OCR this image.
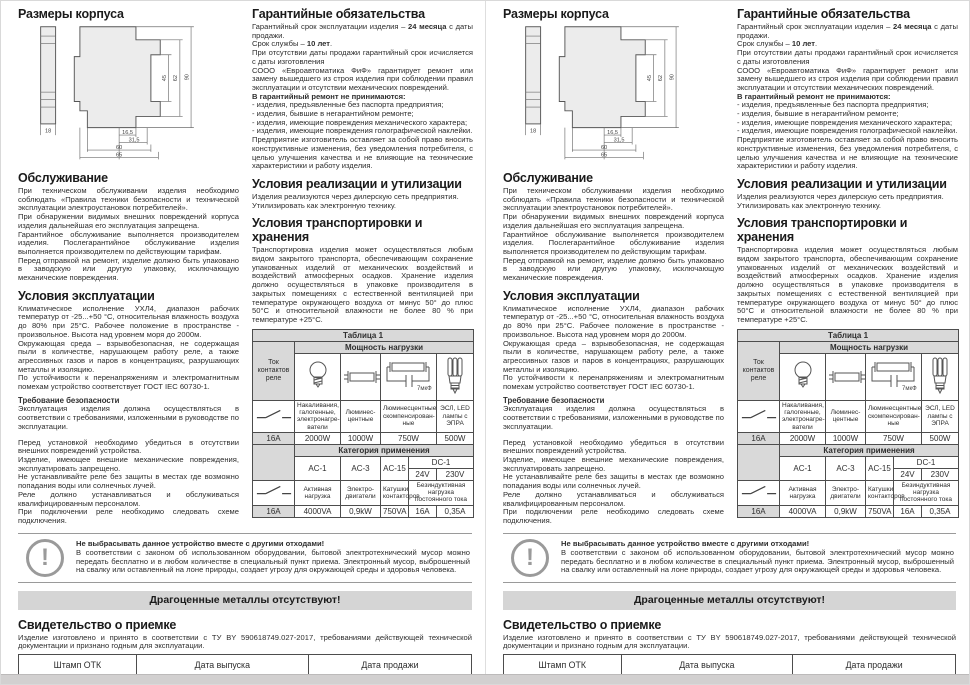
Размеры корпуса
18
45 62 90
16,5
31,5
60
65
Обслуживание

При техническом обслуживании изделия необходимо соблюдать «Правила техники безопасности и технической эксплуатации электроустановок потребителей».

При обнаружении видимых внешних повреждений корпуса изделия дальнейшая его эксплуатация запрещена.

Гарантийное обслуживание выполняется производителем изделия. Послегарантийное обслуживание изделия выполняется производителем по действующим тарифам.

Перед отправкой на ремонт, изделие должно быть упаковано в заводскую или другую упаковку, исключающую механические повреждения.

Условия эксплуатации

Климатическое исполнение УХЛ4, диапазон рабочих температур от -25...+50 °С, относительная влажность воздуха до 80% при 25°С. Рабочее положение в пространстве - произвольное. Высота над уровнем моря до 2000м.

Окружающая среда – взрывобезопасная, не содержащая пыли в количестве, нарушающем работу реле, а также агрессивных газов и паров в концентрациях, разрушающих металлы и изоляцию.

По устойчивости к перенапряжениям и электромагнитным помехам устройство соответствует ГОСТ IEC 60730-1.

Требование безопасности

Эксплуатация изделия должна осуществляться в соответствии с требованиями, изложенными в руководстве по эксплуатации.

Перед установкой необходимо убедиться в отсутствии внешних повреждений устройства.

Изделие, имеющее внешние механические повреждения, эксплуатировать запрещено.

Не устанавливайте реле без защиты в местах где возможно попадания воды или солнечных лучей.

Реле должно устанавливаться и обслуживаться квалифицированным персоналом.

При подключении реле необходимо следовать схеме подключения.

Гарантийные обязательства

Гарантийный срок эксплуатации изделия – 24 месяца с даты продажи.

Срок службы – 10 лет.

При отсутствии даты продажи гарантийный срок исчисляется с даты изготовления

СООО «Евроавтоматика ФиФ» гарантирует ремонт или замену вышедшего из строя изделия при соблюдении правил эксплуатации и отсутствии механических повреждений.

В гарантийный ремонт не принимаются:

- изделия, предъявленные без паспорта предприятия;

- изделия, бывшие в негарантийном ремонте;

- изделия, имеющие повреждения механического характера;

- изделия, имеющие повреждения голографической наклейки.

Предприятие изготовитель оставляет за собой право вносить конструктивные изменения, без уведомления потребителя, с целью улучшения качества и не влияющие на технические характеристики и работу изделия.

Условия реализации и утилизации

Изделия реализуются через дилерскую сеть предприятия.

Утилизировать как электронную технику.

Условия транспортировки и хранения

Транспортировка изделия может осуществляться любым видом закрытого транспорта, обеспечивающим сохранение упакованных изделий от механических воздействий и воздействий атмосферных осадков. Хранение изделия должно осуществляться в упаковке производителя в закрытых помещениях с естественной вентиляцией при температуре окружающего воздуха от минус 50° до плюс 50°С и относительной влажности не более 80 % при температуре +25°С.

Таблица 1					
Ток контактов реле	Мощность нагрузки				

7мкФ

	Накаливания, галогенные, электронагреватели	Люминесцентные	Люминесцентные скомпенсированные		ЭСЛ, LED лампы с ЭПРА
16A	2000W	1000W	750W		500W
	Категория применения				
	AC-1	AC-3	AC-15	DC-1	
				24V	230V
	Активная нагрузка	Электродвигатели	Катушки контакторов	Безиндуктивная нагрузка постоянного тока	
16A	4000VA	0,9kW	750VA	16A	0,35A
!	Не выбрасывать данное устройство вместе с другими отходами!

В соответствии с законом об использованном оборудовании, бытовой электротехнический мусор можно передать бесплатно и в любом количестве в специальный пункт приема. Электронный мусор, выброшенный на свалку или оставленный на лоне природы, создает угрозу для окружающей среды и здоровья человека.

Драгоценные металлы отсутствуют!
Свидетельство о приемке

Изделие изготовлено и принято в соответствии с ТУ BY 590618749.027-2017, требованиями действующей технической документации и признано годным для эксплуатации.

Штамп ОТК	Дата выпуска	Дата продажи

Размеры корпуса
18
45 62 90
16,5
31,5
60
65
Обслуживание

При техническом обслуживании изделия необходимо соблюдать «Правила техники безопасности и технической эксплуатации электроустановок потребителей».

При обнаружении видимых внешних повреждений корпуса изделия дальнейшая его эксплуатация запрещена.

Гарантийное обслуживание выполняется производителем изделия. Послегарантийное обслуживание изделия выполняется производителем по действующим тарифам.

Перед отправкой на ремонт, изделие должно быть упаковано в заводскую или другую упаковку, исключающую механические повреждения.

Условия эксплуатации

Климатическое исполнение УХЛ4, диапазон рабочих температур от -25...+50 °С, относительная влажность воздуха до 80% при 25°С. Рабочее положение в пространстве - произвольное. Высота над уровнем моря до 2000м.

Окружающая среда – взрывобезопасная, не содержащая пыли в количестве, нарушающем работу реле, а также агрессивных газов и паров в концентрациях, разрушающих металлы и изоляцию.

По устойчивости к перенапряжениям и электромагнитным помехам устройство соответствует ГОСТ IEC 60730-1.

Требование безопасности

Эксплуатация изделия должна осуществляться в соответствии с требованиями, изложенными в руководстве по эксплуатации.

Перед установкой необходимо убедиться в отсутствии внешних повреждений устройства.

Изделие, имеющее внешние механические повреждения, эксплуатировать запрещено.

Не устанавливайте реле без защиты в местах где возможно попадания воды или солнечных лучей.

Реле должно устанавливаться и обслуживаться квалифицированным персоналом.

При подключении реле необходимо следовать схеме подключения.

Гарантийные обязательства

Гарантийный срок эксплуатации изделия – 24 месяца с даты продажи.

Срок службы – 10 лет.

При отсутствии даты продажи гарантийный срок исчисляется с даты изготовления

СООО «Евроавтоматика ФиФ» гарантирует ремонт или замену вышедшего из строя изделия при соблюдении правил эксплуатации и отсутствии механических повреждений.

В гарантийный ремонт не принимаются:

- изделия, предъявленные без паспорта предприятия;

- изделия, бывшие в негарантийном ремонте;

- изделия, имеющие повреждения механического характера;

- изделия, имеющие повреждения голографической наклейки.

Предприятие изготовитель оставляет за собой право вносить конструктивные изменения, без уведомления потребителя, с целью улучшения качества и не влияющие на технические характеристики и работу изделия.

Условия реализации и утилизации

Изделия реализуются через дилерскую сеть предприятия.

Утилизировать как электронную технику.

Условия транспортировки и хранения

Транспортировка изделия может осуществляться любым видом закрытого транспорта, обеспечивающим сохранение упакованных изделий от механических воздействий и воздействий атмосферных осадков. Хранение изделия должно осуществляться в упаковке производителя в закрытых помещениях с естественной вентиляцией при температуре окружающего воздуха от минус 50° до плюс 50°С и относительной влажности не более 80 % при температуре +25°С.

Таблица 1					
Ток контактов реле	Мощность нагрузки				

7мкФ

	Накаливания, галогенные, электронагреватели	Люминесцентные	Люминесцентные скомпенсированные		ЭСЛ, LED лампы с ЭПРА
16A	2000W	1000W	750W		500W
	Категория применения				
	AC-1	AC-3	AC-15	DC-1	
				24V	230V
	Активная нагрузка	Электродвигатели	Катушки контакторов	Безиндуктивная нагрузка постоянного тока	
16A	4000VA	0,9kW	750VA	16A	0,35A
!	Не выбрасывать данное устройство вместе с другими отходами!

В соответствии с законом об использованном оборудовании, бытовой электротехнический мусор можно передать бесплатно и в любом количестве в специальный пункт приема. Электронный мусор, выброшенный на свалку или оставленный на лоне природы, создает угрозу для окружающей среды и здоровья человека.

Драгоценные металлы отсутствуют!
Свидетельство о приемке

Изделие изготовлено и принято в соответствии с ТУ BY 590618749.027-2017, требованиями действующей технической документации и признано годным для эксплуатации.

Штамп ОТК	Дата выпуска	Дата продажи
